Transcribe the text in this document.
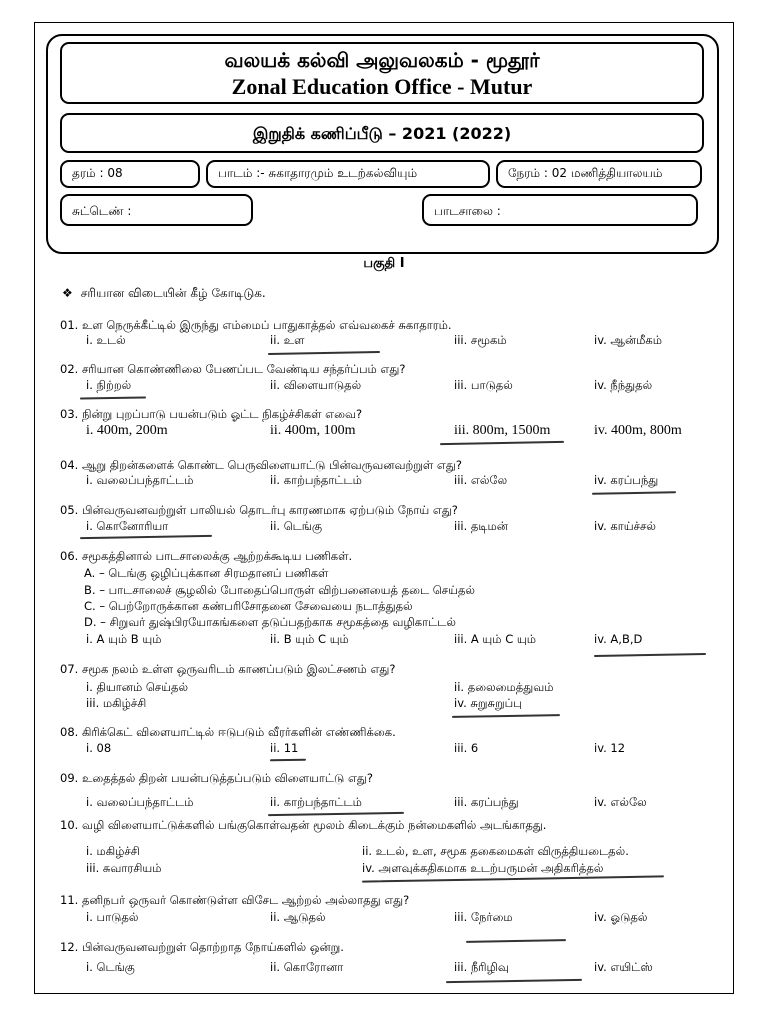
வலயக் கல்வி அலுவலகம் - மூதூர்
Zonal Education Office - Mutur
இறுதிக் கணிப்பீடு – 2021 (2022)
தரம் : 08	பாடம் :- சுகாதாரமும் உடற்கல்வியும்	நேரம் : 02 மணித்தியாலயம்
சுட்டெண் :	பாடசாலை :
பகுதி I
❖ சரியான விடையின் கீழ் கோடிடுக.
01. உள நெருக்கீட்டில் இருந்து எம்மைப் பாதுகாத்தல் எவ்வகைச் சுகாதாரம்.
i. உடல்	ii. உள	iii. சமூகம்	iv. ஆன்மீகம்
02. சரியான கொண்ணிலை பேணப்பட வேண்டிய சந்தர்ப்பம் எது?
i. நிற்றல்	ii. விளையாடுதல்	iii. பாடுதல்	iv. நீந்துதல்
03. நின்று புறப்பாடு பயன்படும் ஓட்ட நிகழ்ச்சிகள் எவை?
i. 400m, 200m	ii. 400m, 100m	iii. 800m, 1500m	iv. 400m, 800m
04. ஆறு திறன்களைக் கொண்ட பெருவிளையாட்டு பின்வருவனவற்றுள் எது?
i. வலைப்பந்தாட்டம்	ii. காற்பந்தாட்டம்	iii. எல்லே	iv. கரப்பந்து
05. பின்வருவனவற்றுள் பாலியல் தொடர்பு காரணமாக ஏற்படும் நோய் எது?
i. கொனோரியா	ii. டெங்கு	iii. தடிமன்	iv. காய்ச்சல்
06. சமூகத்தினால் பாடசாலைக்கு ஆற்றக்கூடிய பணிகள்.
A. – டெங்கு ஒழிப்புக்கான சிரமதானப் பணிகள்
B. – பாடசாலைச் சூழலில் போதைப்பொருள் விற்பனையைத் தடை செய்தல்
C. – பெற்றோருக்கான கண்பரிசோதனை சேவையை நடாத்துதல்
D. – சிறுவர் துஷ்பிரயோகங்களை தடுப்பதற்காக சமூகத்தை வழிகாட்டல்
i. A யும் B யும்	ii. B யும் C யும்	iii. A யும் C யும்	iv. A,B,D
07. சமூக நலம் உள்ள ஒருவரிடம் காணப்படும் இலட்சணம் எது?
i. தியானம் செய்தல்	ii. தலைமைத்துவம்
iii. மகிழ்ச்சி	iv. சுறுசுறுப்பு
08. கிரிக்கெட் விளையாட்டில் ஈடுபடும் வீரர்களின் எண்ணிக்கை.
i. 08	ii. 11	iii. 6	iv. 12
09. உதைத்தல் திறன் பயன்படுத்தப்படும் விளையாட்டு எது?
i. வலைப்பந்தாட்டம்	ii. காற்பந்தாட்டம்	iii. கரப்பந்து	iv. எல்லே
10. வழி விளையாட்டுக்களில் பங்குகொள்வதன் மூலம் கிடைக்கும் நன்மைகளில் அடங்காதது.
i. மகிழ்ச்சி	ii. உடல், உள, சமூக தகைமைகள் விருத்தியடைதல்.
iii. சுவாரசியம்	iv. அளவுக்கதிகமாக உடற்பருமன் அதிகரித்தல்
11. தனிநபர் ஒருவர் கொண்டுள்ள விசேட ஆற்றல் அல்லாதது எது?
i. பாடுதல்	ii. ஆடுதல்	iii. நேர்மை	iv. ஓடுதல்
12. பின்வருவனவற்றுள் தொற்றாத நோய்களில் ஒன்று.
i. டெங்கு	ii. கொரோனா	iii. நீரிழிவு	iv. எயிட்ஸ்
